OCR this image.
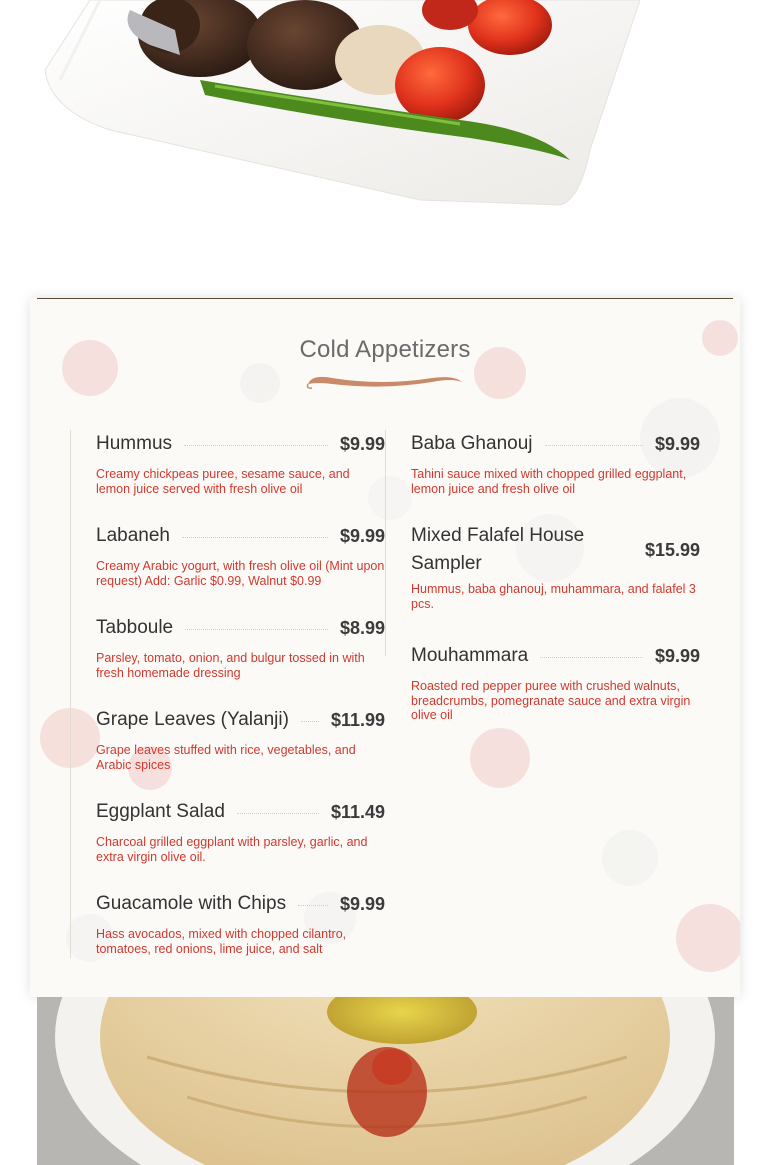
Cold Appetizers
Hummus	$9.99
Creamy chickpeas puree, sesame sauce, and lemon juice served with fresh olive oil
Labaneh	$9.99
Creamy Arabic yogurt, with fresh olive oil (Mint upon request) Add: Garlic $0.99, Walnut $0.99
Tabboule	$8.99
Parsley, tomato, onion, and bulgur tossed in with fresh homemade dressing
Grape Leaves (Yalanji) $11.99
Grape leaves stuffed with rice, vegetables, and Arabic spices
Eggplant Salad	$11.49
Charcoal grilled eggplant with parsley, garlic, and extra virgin olive oil.
Guacamole with Chips	$9.99
Hass avocados, mixed with chopped cilantro, tomatoes, red onions, lime juice, and salt
Baba Ghanouj	$9.99
Tahini sauce mixed with chopped grilled eggplant, lemon juice and fresh olive oil
Mixed Falafel House Sampler
$15.99
Hummus, baba ghanouj, muhammara, and falafel 3 pcs.
Mouhammara	$9.99
Roasted red pepper puree with crushed walnuts, breadcrumbs, pomegranate sauce and extra virgin olive oil
